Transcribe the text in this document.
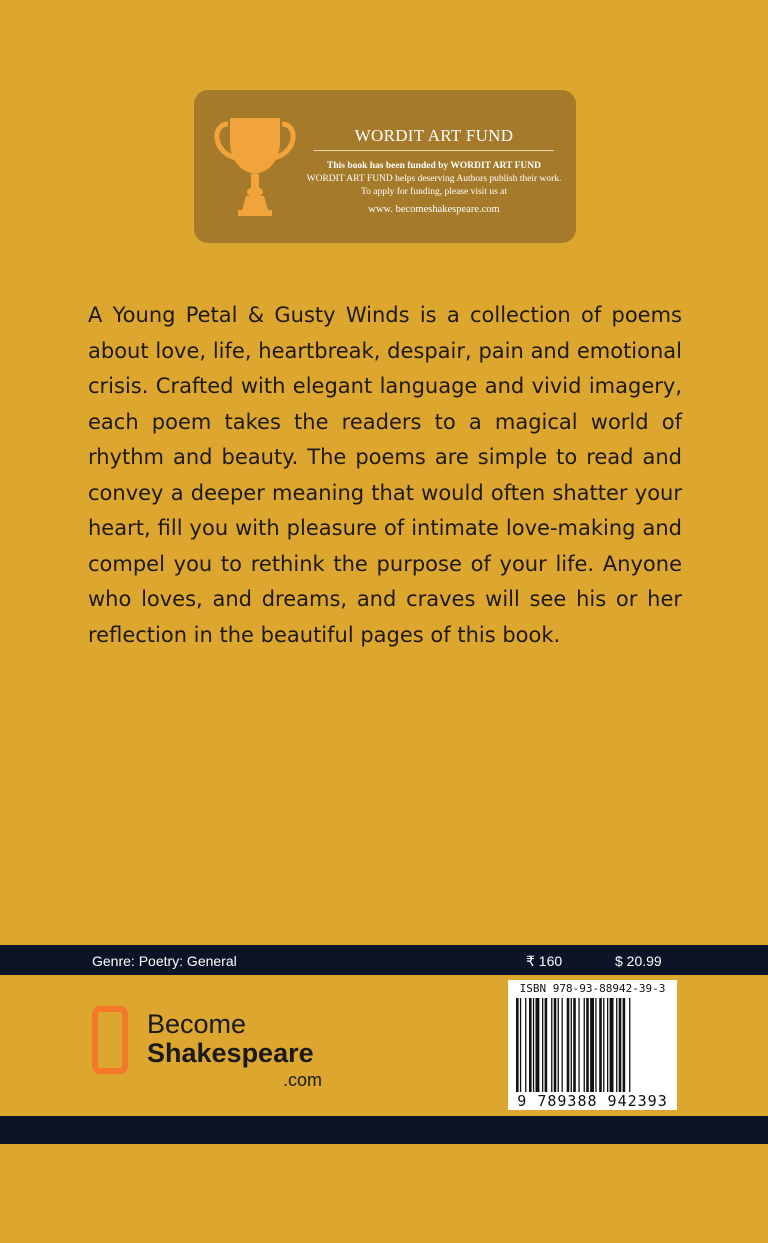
WORDIT ART FUND
This book has been funded by WORDIT ART FUND
WORDIT ART FUND helps deserving Authors publish their work.
To apply for funding, please visit us at
www. becomeshakespeare.com

A Young Petal & Gusty Winds is a collection of poems about love, life, heartbreak, despair, pain and emotional crisis. Crafted with elegant language and vivid imagery, each poem takes the readers to a magical world of rhythm and beauty. The poems are simple to read and convey a deeper meaning that would often shatter your heart, fill you with pleasure of intimate love-making and compel you to rethink the purpose of your life. Anyone who loves, and dreams, and craves will see his or her reflection in the beautiful pages of this book.

Genre: Poetry: General	₹ 160	$ 20.99
Become
Shakespeare
.com
ISBN 978-93-88942-39-3
9 789388 942393
